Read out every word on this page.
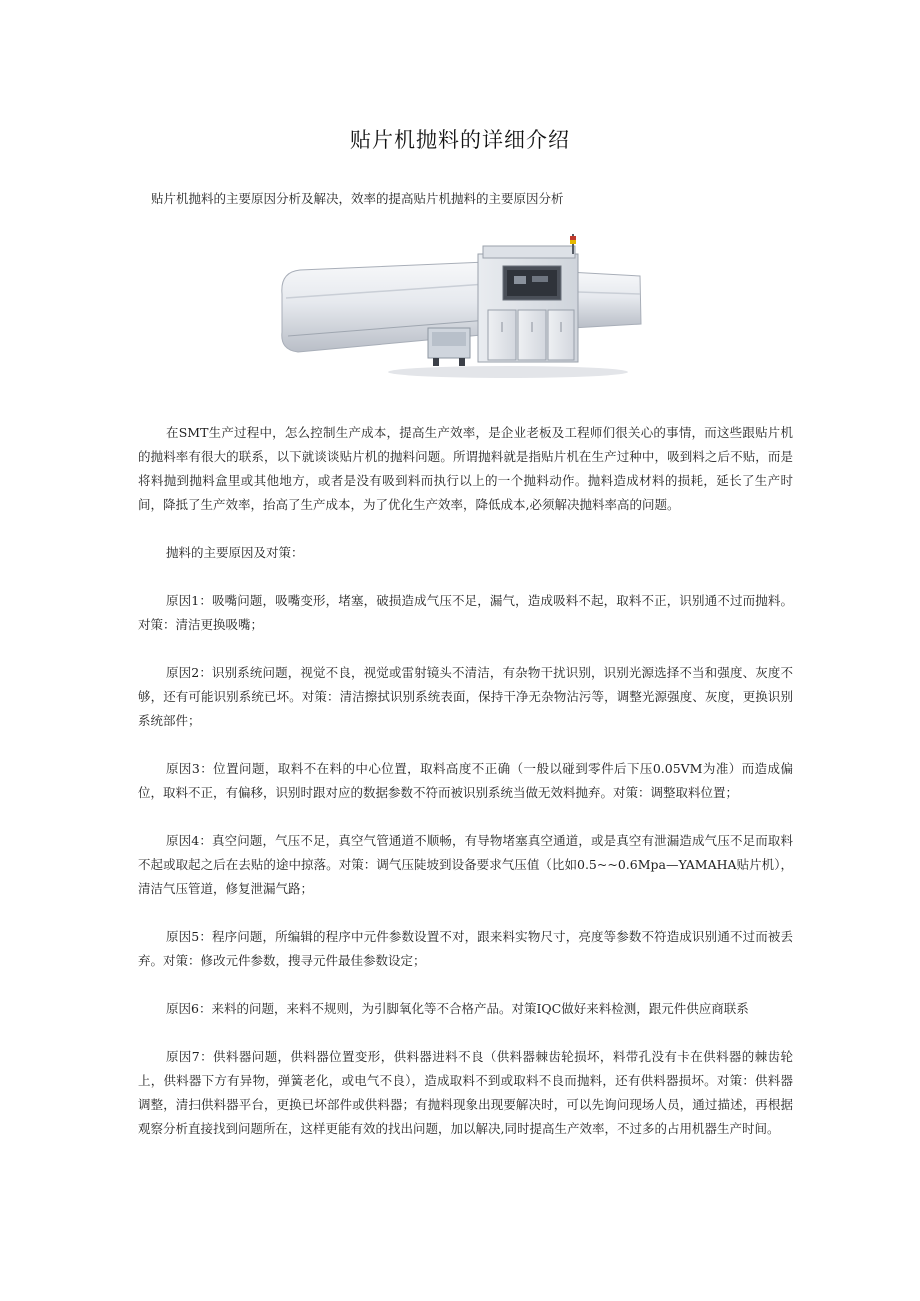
贴片机抛料的详细介绍
贴片机抛料的主要原因分析及解决，效率的提高贴片机抛料的主要原因分析

在SMT生产过程中，怎么控制生产成本，提高生产效率，是企业老板及工程师们很关心的事情，而这些跟贴片机的抛料率有很大的联系，以下就谈谈贴片机的抛料问题。所谓抛料就是指贴片机在生产过种中，吸到料之后不贴，而是将料抛到抛料盒里或其他地方，或者是没有吸到料而执行以上的一个抛料动作。抛料造成材料的损耗，延长了生产时间，降抵了生产效率，抬高了生产成本，为了优化生产效率，降低成本,必须解决抛料率高的问题。

抛料的主要原因及对策：

原因1：吸嘴问题，吸嘴变形，堵塞，破损造成气压不足，漏气，造成吸料不起，取料不正，识别通不过而抛料。对策：清洁更换吸嘴；

原因2：识别系统问题，视觉不良，视觉或雷射镜头不清洁，有杂物干扰识别，识别光源选择不当和强度、灰度不够，还有可能识别系统已坏。对策：清洁擦拭识别系统表面，保持干净无杂物沾污等，调整光源强度、灰度，更换识别系统部件；

原因3：位置问题，取料不在料的中心位置，取料高度不正确（一般以碰到零件后下压0.05VM为准）而造成偏位，取料不正，有偏移，识别时跟对应的数据参数不符而被识别系统当做无效料抛弃。对策：调整取料位置；

原因4：真空问题，气压不足，真空气管通道不顺畅，有导物堵塞真空通道，或是真空有泄漏造成气压不足而取料不起或取起之后在去贴的途中掠落。对策：调气压陡坡到设备要求气压值（比如0.5~~0.6Mpa—YAMAHA贴片机），清洁气压管道，修复泄漏气路；

原因5：程序问题，所编辑的程序中元件参数设置不对，跟来料实物尺寸，亮度等参数不符造成识别通不过而被丢弃。对策：修改元件参数，搜寻元件最佳参数设定；

原因6：来料的问题，来料不规则，为引脚氧化等不合格产品。对策IQC做好来料检测，跟元件供应商联系

原因7：供料器问题，供料器位置变形，供料器进料不良（供料器棘齿轮损坏，料带孔没有卡在供料器的棘齿轮上，供料器下方有异物，弹簧老化，或电气不良），造成取料不到或取料不良而抛料，还有供料器损坏。对策：供料器调整，清扫供料器平台，更换已坏部件或供料器；有抛料现象出现要解决时，可以先询问现场人员，通过描述，再根据观察分析直接找到问题所在，这样更能有效的找出问题，加以解决,同时提高生产效率，不过多的占用机器生产时间。
